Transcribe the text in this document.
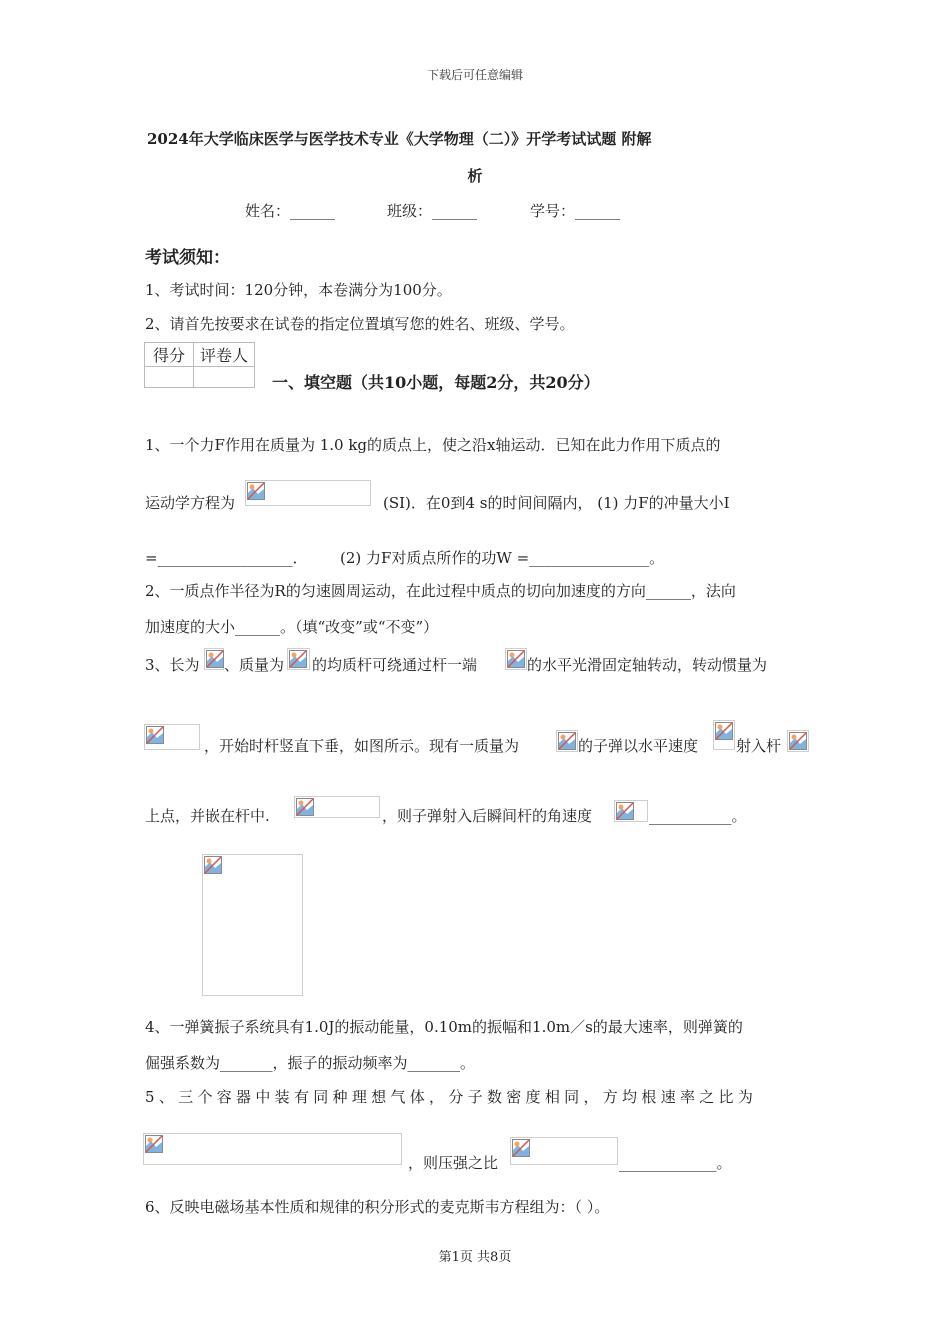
下载后可任意编辑
2024年大学临床医学与医学技术专业《大学物理（二）》开学考试试题 附解
析
姓名：______	班级：______	学号：______
考试须知：
1、考试时间：120分钟，本卷满分为100分。
2、请首先按要求在试卷的指定位置填写您的姓名、班级、学号。
得分	评卷人

一、填空题（共10小题，每题2分，共20分）
1、一个力F作用在质量为 1.0 kg的质点上，使之沿x轴运动．已知在此力作用下质点的
运动学方程为	(SI)．在0到4 s的时间间隔内， (1) 力F的冲量大小I
=__________________． (2) 力F对质点所作的功W =________________。
2、一质点作半径为R的匀速圆周运动，在此过程中质点的切向加速度的方向______，法向
加速度的大小______。（填“改变”或“不变”）
3、长为 、质量为 的均质杆可绕通过杆一端	的水平光滑固定轴转动，转动惯量为
，开始时杆竖直下垂，如图所示。现有一质量为	的子弹以水平速度	射入杆
上点，并嵌在杆中.	，则子弹射入后瞬间杆的角速度	___________。
4、一弹簧振子系统具有1.0J的振动能量，0.10m的振幅和1.0m／s的最大速率，则弹簧的
倔强系数为_______，振子的振动频率为_______。
5、三个容器中装有同种理想气体，分子数密度相同，方均根速率之比为
，则压强之比	_____________。
6、反映电磁场基本性质和规律的积分形式的麦克斯韦方程组为：（ ）。
第1页 共8页
